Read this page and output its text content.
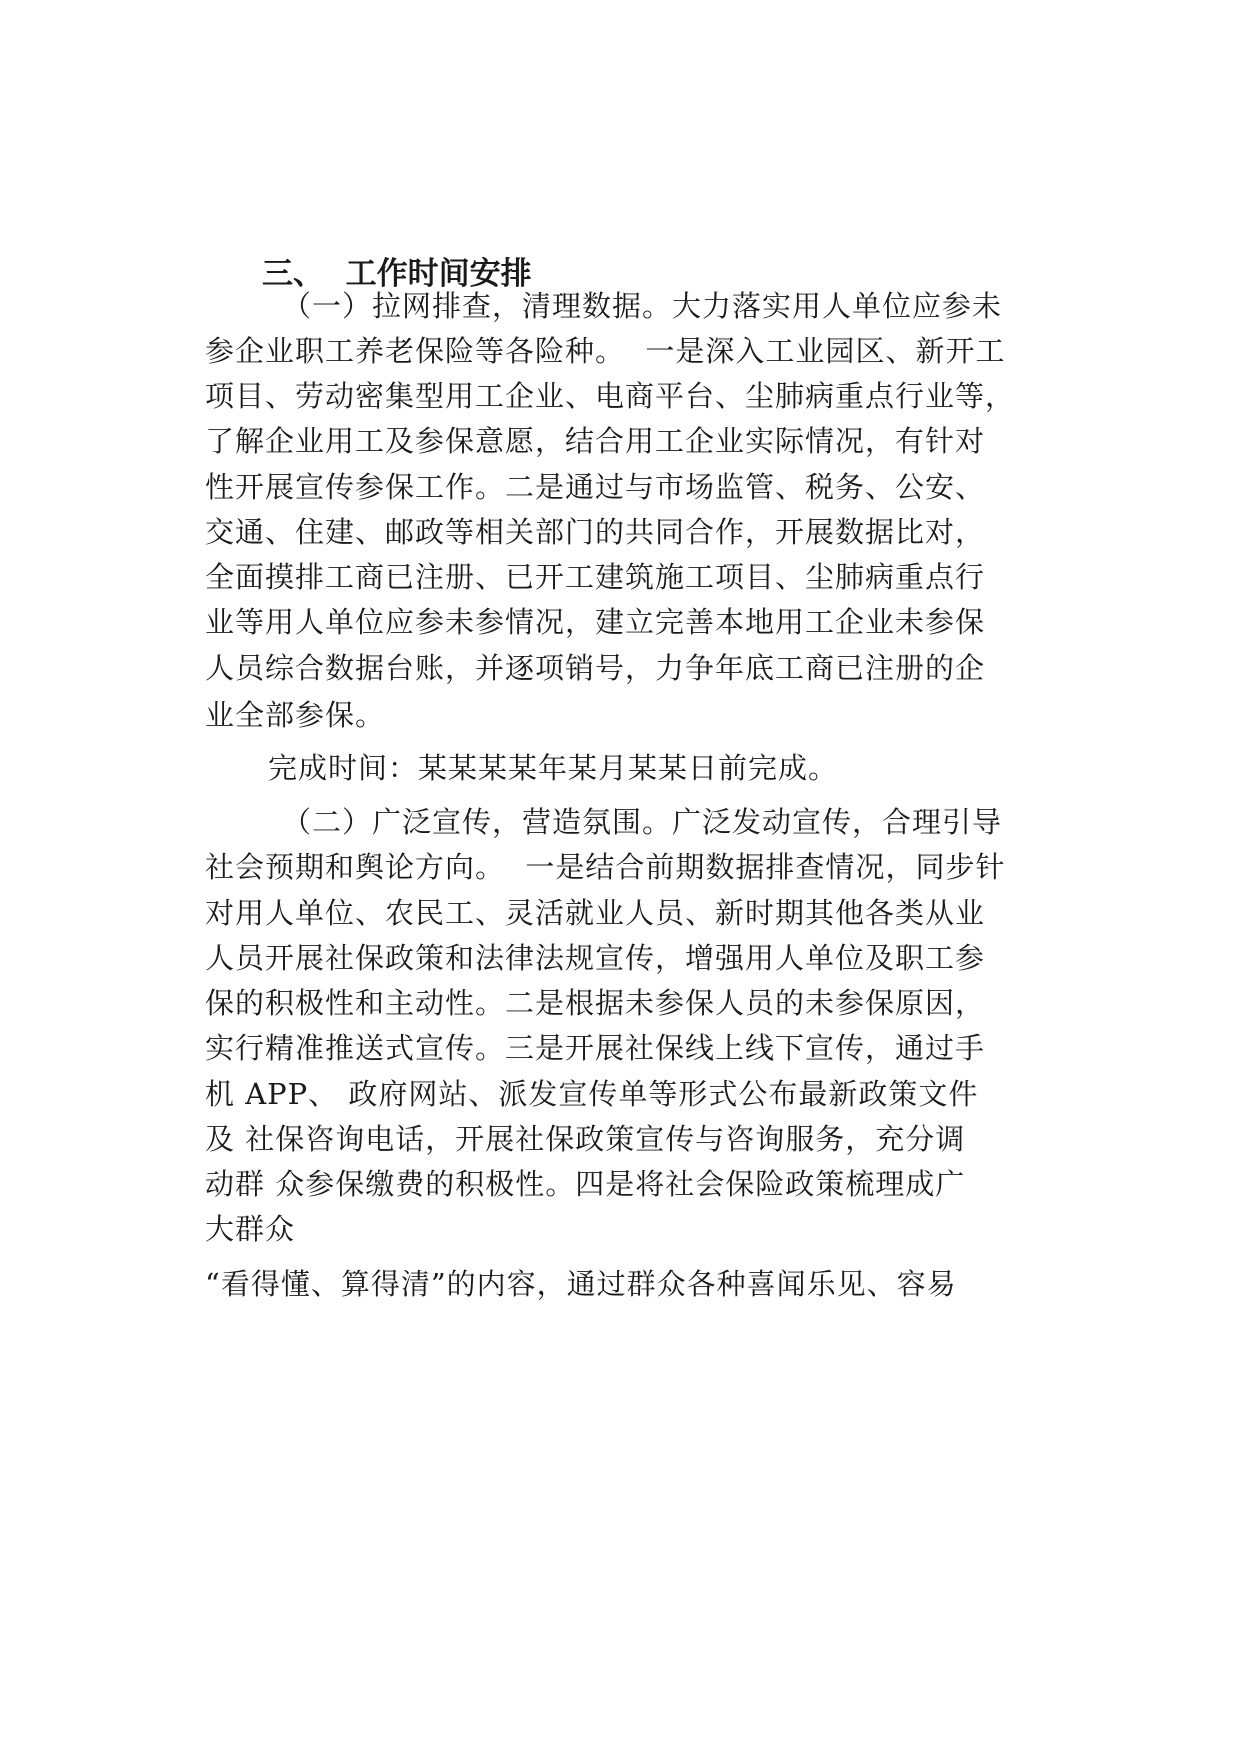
三、  工作时间安排
（一）拉网排查，清理数据。大力落实用人单位应参未
参企业职工养老保险等各险种。  一是深入工业园区、新开工
项目、劳动密集型用工企业、电商平台、尘肺病重点行业等，
了解企业用工及参保意愿，结合用工企业实际情况，有针对
性开展宣传参保工作。二是通过与市场监管、税务、公安、
交通、住建、邮政等相关部门的共同合作，开展数据比对，
全面摸排工商已注册、已开工建筑施工项目、尘肺病重点行
业等用人单位应参未参情况，建立完善本地用工企业未参保
人员综合数据台账，并逐项销号，力争年底工商已注册的企
业全部参保。
完成时间：某某某某年某月某某日前完成。
（二）广泛宣传，营造氛围。广泛发动宣传，合理引导
社会预期和舆论方向。  一是结合前期数据排查情况，同步针
对用人单位、农民工、灵活就业人员、新时期其他各类从业
人员开展社保政策和法律法规宣传，增强用人单位及职工参
保的积极性和主动性。二是根据未参保人员的未参保原因，
实行精准推送式宣传。三是开展社保线上线下宣传，通过手
机 APP、 政府网站、派发宣传单等形式公布最新政策文件
及 社保咨询电话，开展社保政策宣传与咨询服务，充分调
动群 众参保缴费的积极性。四是将社会保险政策梳理成广
大群众
“看得懂、算得清”的内容，通过群众各种喜闻乐见、容易
